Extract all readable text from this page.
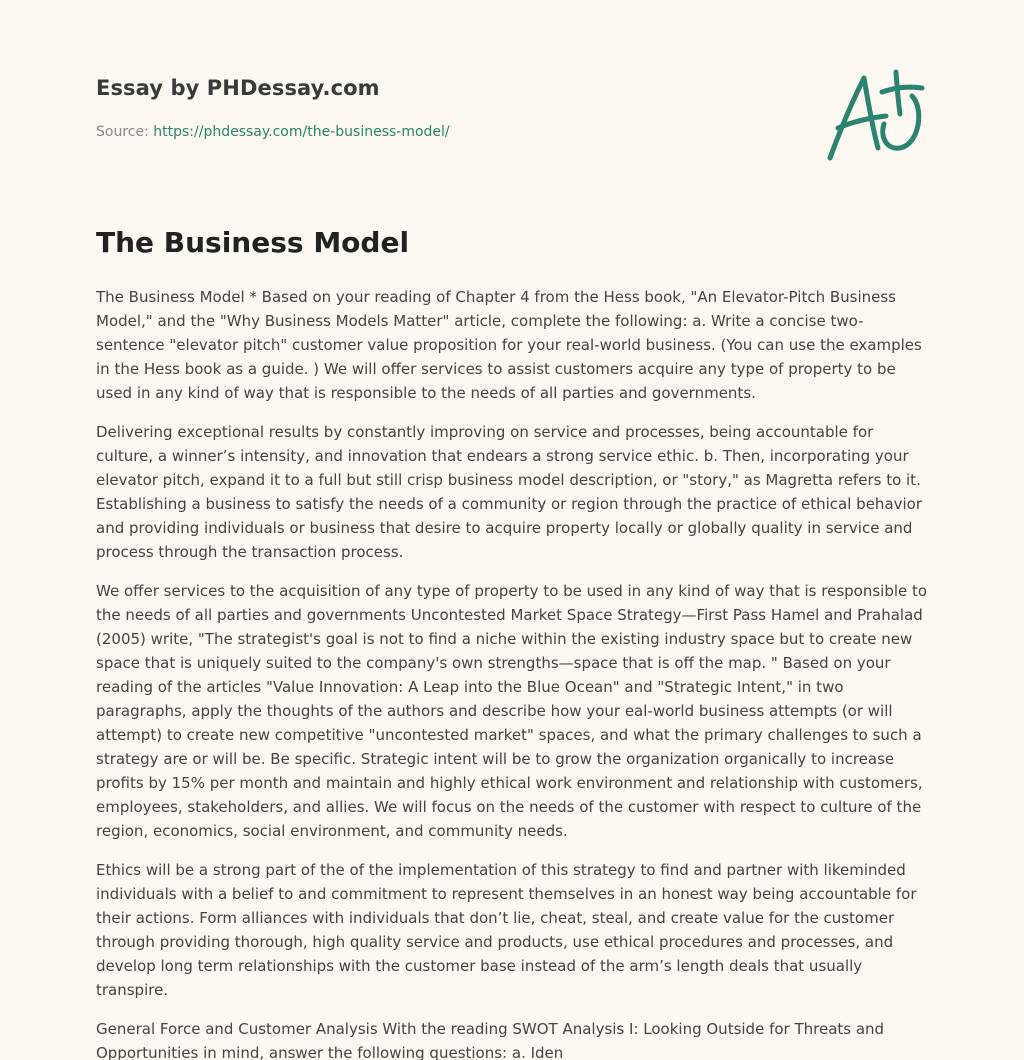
Essay by PHDessay.com
Source: https://phdessay.com/the-business-model/
The Business Model

The Business Model * Based on your reading of Chapter 4 from the Hess book, "An Elevator-Pitch Business Model," and the "Why Business Models Matter" article, complete the following: a. Write a concise two-sentence "elevator pitch" customer value proposition for your real-world business. (You can use the examples in the Hess book as a guide. ) We will offer services to assist customers acquire any type of property to be used in any kind of way that is responsible to the needs of all parties and governments.

Delivering exceptional results by constantly improving on service and processes, being accountable for culture, a winner’s intensity, and innovation that endears a strong service ethic. b. Then, incorporating your elevator pitch, expand it to a full but still crisp business model description, or "story," as Magretta refers to it. Establishing a business to satisfy the needs of a community or region through the practice of ethical behavior and providing individuals or business that desire to acquire property locally or globally quality in service and process through the transaction process.

We offer services to the acquisition of any type of property to be used in any kind of way that is responsible to the needs of all parties and governments Uncontested Market Space Strategy—First Pass Hamel and Prahalad (2005) write, "The strategist's goal is not to find a niche within the existing industry space but to create new space that is uniquely suited to the company's own strengths—space that is off the map. " Based on your reading of the articles "Value Innovation: A Leap into the Blue Ocean" and "Strategic Intent," in two paragraphs, apply the thoughts of the authors and describe how your eal-world business attempts (or will attempt) to create new competitive "uncontested market" spaces, and what the primary challenges to such a strategy are or will be. Be specific. Strategic intent will be to grow the organization organically to increase profits by 15% per month and maintain and highly ethical work environment and relationship with customers, employees, stakeholders, and allies. We will focus on the needs of the customer with respect to culture of the region, economics, social environment, and community needs.

Ethics will be a strong part of the of the implementation of this strategy to find and partner with likeminded individuals with a belief to and commitment to represent themselves in an honest way being accountable for their actions. Form alliances with individuals that don’t lie, cheat, steal, and create value for the customer through providing thorough, high quality service and products, use ethical procedures and processes, and develop long term relationships with the customer base instead of the arm’s length deals that usually transpire.

General Force and Customer Analysis With the reading SWOT Analysis I: Looking Outside for Threats and Opportunities in mind, answer the following questions: a. Iden
